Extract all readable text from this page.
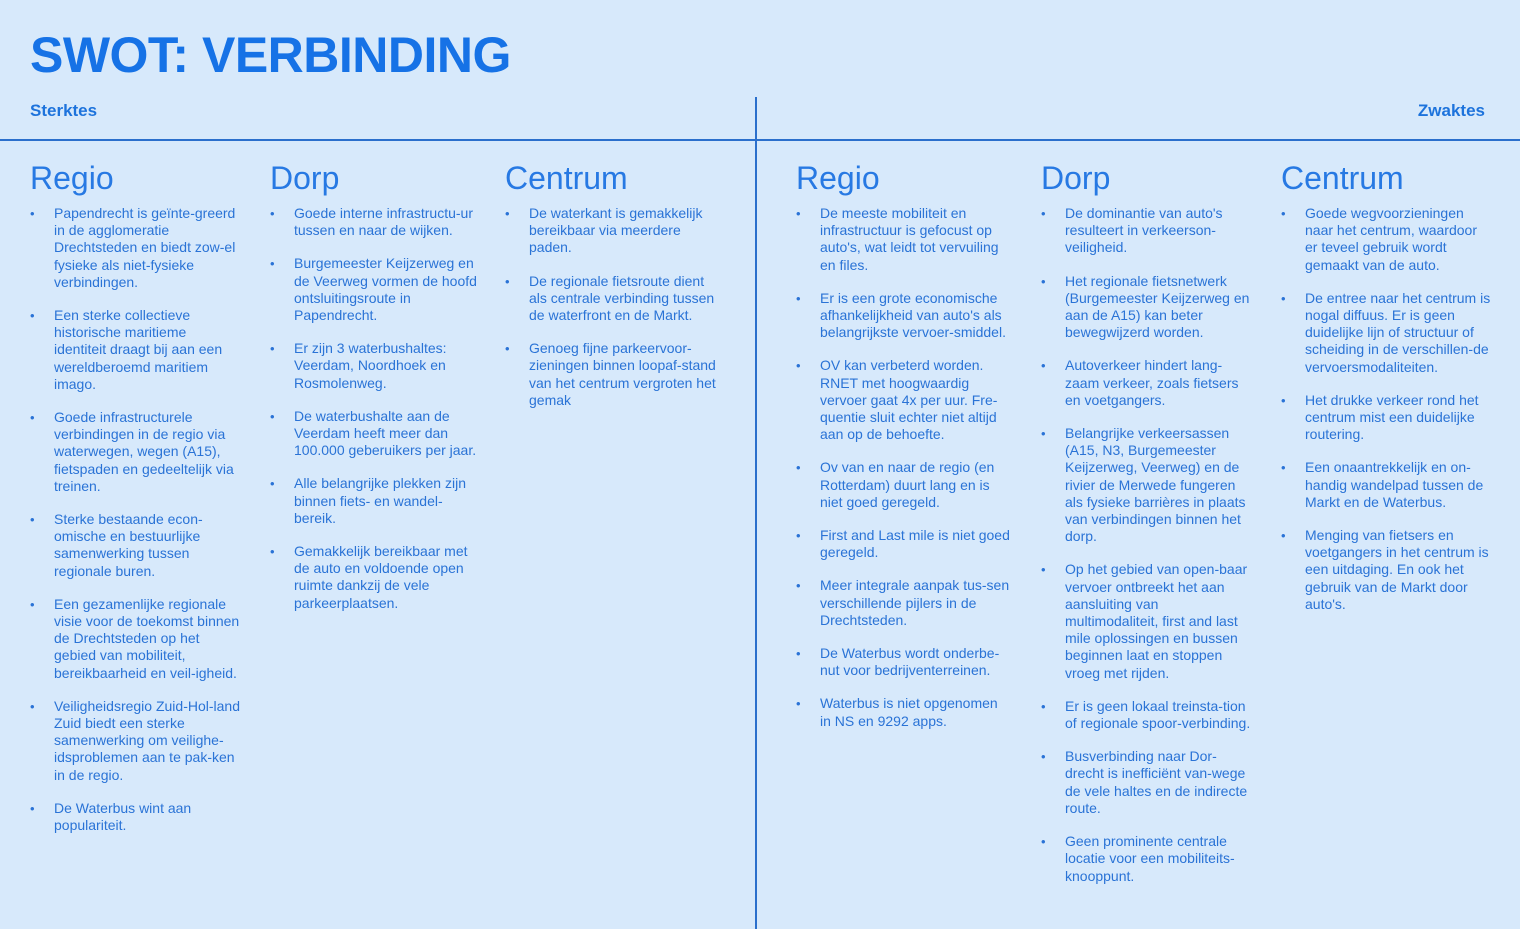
SWOT: VERBINDING
Sterktes	Zwaktes
Regio
• Papendrecht is geïnte-greerd in de agglomeratie Drechtsteden en biedt zow-el fysieke als niet-fysieke verbindingen.
• Een sterke collectieve historische maritieme identiteit draagt bij aan een wereldberoemd maritiem imago.
• Goede infrastructurele verbindingen in de regio via waterwegen, wegen (A15), fietspaden en gedeeltelijk via treinen.
• Sterke bestaande econ-omische en bestuurlijke samenwerking tussen regionale buren.
• Een gezamenlijke regionale visie voor de toekomst binnen de Drechtsteden op het gebied van mobiliteit, bereikbaarheid en veil-igheid.
• Veiligheidsregio Zuid-Hol-land Zuid biedt een sterke samenwerking om veilighe-idsproblemen aan te pak-ken in de regio.
• De Waterbus wint aan populariteit.
Dorp
• Goede interne infrastructu-ur tussen en naar de wijken.
• Burgemeester Keijzerweg en de Veerweg vormen de hoofd ontsluitingsroute in Papendrecht.
• Er zijn 3 waterbushaltes: Veerdam, Noordhoek en Rosmolenweg.
• De waterbushalte aan de Veerdam heeft meer dan 100.000 geberuikers per jaar.
• Alle belangrijke plekken zijn binnen fiets- en wandel-bereik.
• Gemakkelijk bereikbaar met de auto en voldoende open ruimte dankzij de vele parkeerplaatsen.
Centrum
• De waterkant is gemakkelijk bereikbaar via meerdere paden.
• De regionale fietsroute dient als centrale verbinding tussen de waterfront en de Markt.
• Genoeg fijne parkeervoor-zieningen binnen loopaf-stand van het centrum vergroten het gemak
Regio
• De meeste mobiliteit en infrastructuur is gefocust op auto's, wat leidt tot vervuiling en files.
• Er is een grote economische afhankelijkheid van auto's als belangrijkste vervoer-smiddel.
• OV kan verbeterd worden. RNET met hoogwaardig vervoer gaat 4x per uur. Fre-quentie sluit echter niet altijd aan op de behoefte.
• Ov van en naar de regio (en Rotterdam) duurt lang en is niet goed geregeld.
• First and Last mile is niet goed geregeld.
• Meer integrale aanpak tus-sen verschillende pijlers in de Drechtsteden.
• De Waterbus wordt onderbe-nut voor bedrijventerreinen.
• Waterbus is niet opgenomen in NS en 9292 apps.
Dorp
• De dominantie van auto's resulteert in verkeerson-veiligheid.
• Het regionale fietsnetwerk (Burgemeester Keijzerweg en aan de A15) kan beter bewegwijzerd worden.
• Autoverkeer hindert lang-zaam verkeer, zoals fietsers en voetgangers.
• Belangrijke verkeersassen (A15, N3, Burgemeester Keijzerweg, Veerweg) en de rivier de Merwede fungeren als fysieke barrières in plaats van verbindingen binnen het dorp.
• Op het gebied van open-baar vervoer ontbreekt het aan aansluiting van multimodaliteit, first and last mile oplossingen en bussen beginnen laat en stoppen vroeg met rijden.
• Er is geen lokaal treinsta-tion of regionale spoor-verbinding.
• Busverbinding naar Dor-drecht is inefficiënt van-wege de vele haltes en de indirecte route.
• Geen prominente centrale locatie voor een mobiliteits-knooppunt.
Centrum
• Goede wegvoorzieningen naar het centrum, waardoor er teveel gebruik wordt gemaakt van de auto.
• De entree naar het centrum is nogal diffuus. Er is geen duidelijke lijn of structuur of scheiding in de verschillen-de vervoersmodaliteiten.
• Het drukke verkeer rond het centrum mist een duidelijke routering.
• Een onaantrekkelijk en on-handig wandelpad tussen de Markt en de Waterbus.
• Menging van fietsers en voetgangers in het centrum is een uitdaging. En ook het gebruik van de Markt door auto's.
